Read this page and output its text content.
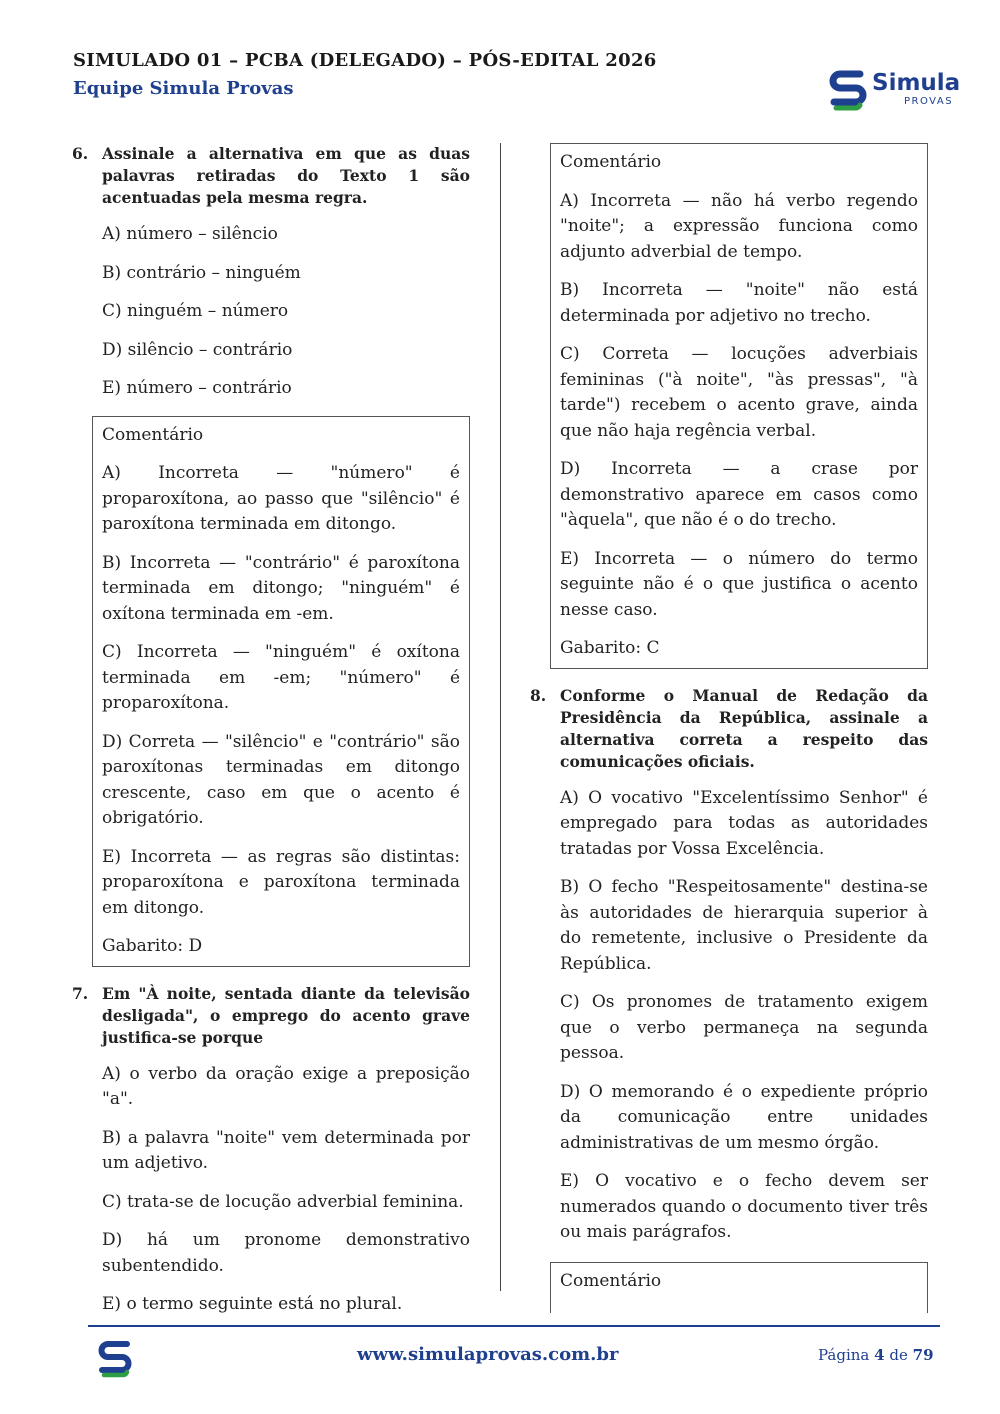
SIMULADO 01 – PCBA (DELEGADO) – PÓS-EDITAL 2026
Equipe Simula Provas	Simula
PROVAS
6. Assinale a alternativa em que as duas palavras retiradas do Texto 1 são acentuadas pela mesma regra.
A) número – silêncio
B) contrário – ninguém
C) ninguém – número
D) silêncio – contrário
E) número – contrário
Comentário

A) Incorreta — "número" é proparoxítona, ao passo que "silêncio" é paroxítona terminada em ditongo.

B) Incorreta — "contrário" é paroxítona terminada em ditongo; "ninguém" é oxítona terminada em -em.

C) Incorreta — "ninguém" é oxítona terminada em -em; "número" é proparoxítona.

D) Correta — "silêncio" e "contrário" são paroxítonas terminadas em ditongo crescente, caso em que o acento é obrigatório.

E) Incorreta — as regras são distintas: proparoxítona e paroxítona terminada em ditongo.

Gabarito: D

7. Em "À noite, sentada diante da televisão desligada", o emprego do acento grave justifica-se porque
A) o verbo da oração exige a preposição "a".
B) a palavra "noite" vem determinada por um adjetivo.
C) trata-se de locução adverbial feminina.
D) há um pronome demonstrativo subentendido.
E) o termo seguinte está no plural.
Comentário

A) Incorreta — não há verbo regendo "noite"; a expressão funciona como adjunto adverbial de tempo.

B) Incorreta — "noite" não está determinada por adjetivo no trecho.

C) Correta — locuções adverbiais femininas ("à noite", "às pressas", "à tarde") recebem o acento grave, ainda que não haja regência verbal.

D) Incorreta — a crase por demonstrativo aparece em casos como "àquela", que não é o do trecho.

E) Incorreta — o número do termo seguinte não é o que justifica o acento nesse caso.

Gabarito: C

8. Conforme o Manual de Redação da Presidência da República, assinale a alternativa correta a respeito das comunicações oficiais.
A) O vocativo "Excelentíssimo Senhor" é empregado para todas as autoridades tratadas por Vossa Excelência.
B) O fecho "Respeitosamente" destina-se às autoridades de hierarquia superior à do remetente, inclusive o Presidente da República.
C) Os pronomes de tratamento exigem que o verbo permaneça na segunda pessoa.
D) O memorando é o expediente próprio da comunicação entre unidades administrativas de um mesmo órgão.
E) O vocativo e o fecho devem ser numerados quando o documento tiver três ou mais parágrafos.
Comentário
www.simulaprovas.com.br	Página 4 de 79
